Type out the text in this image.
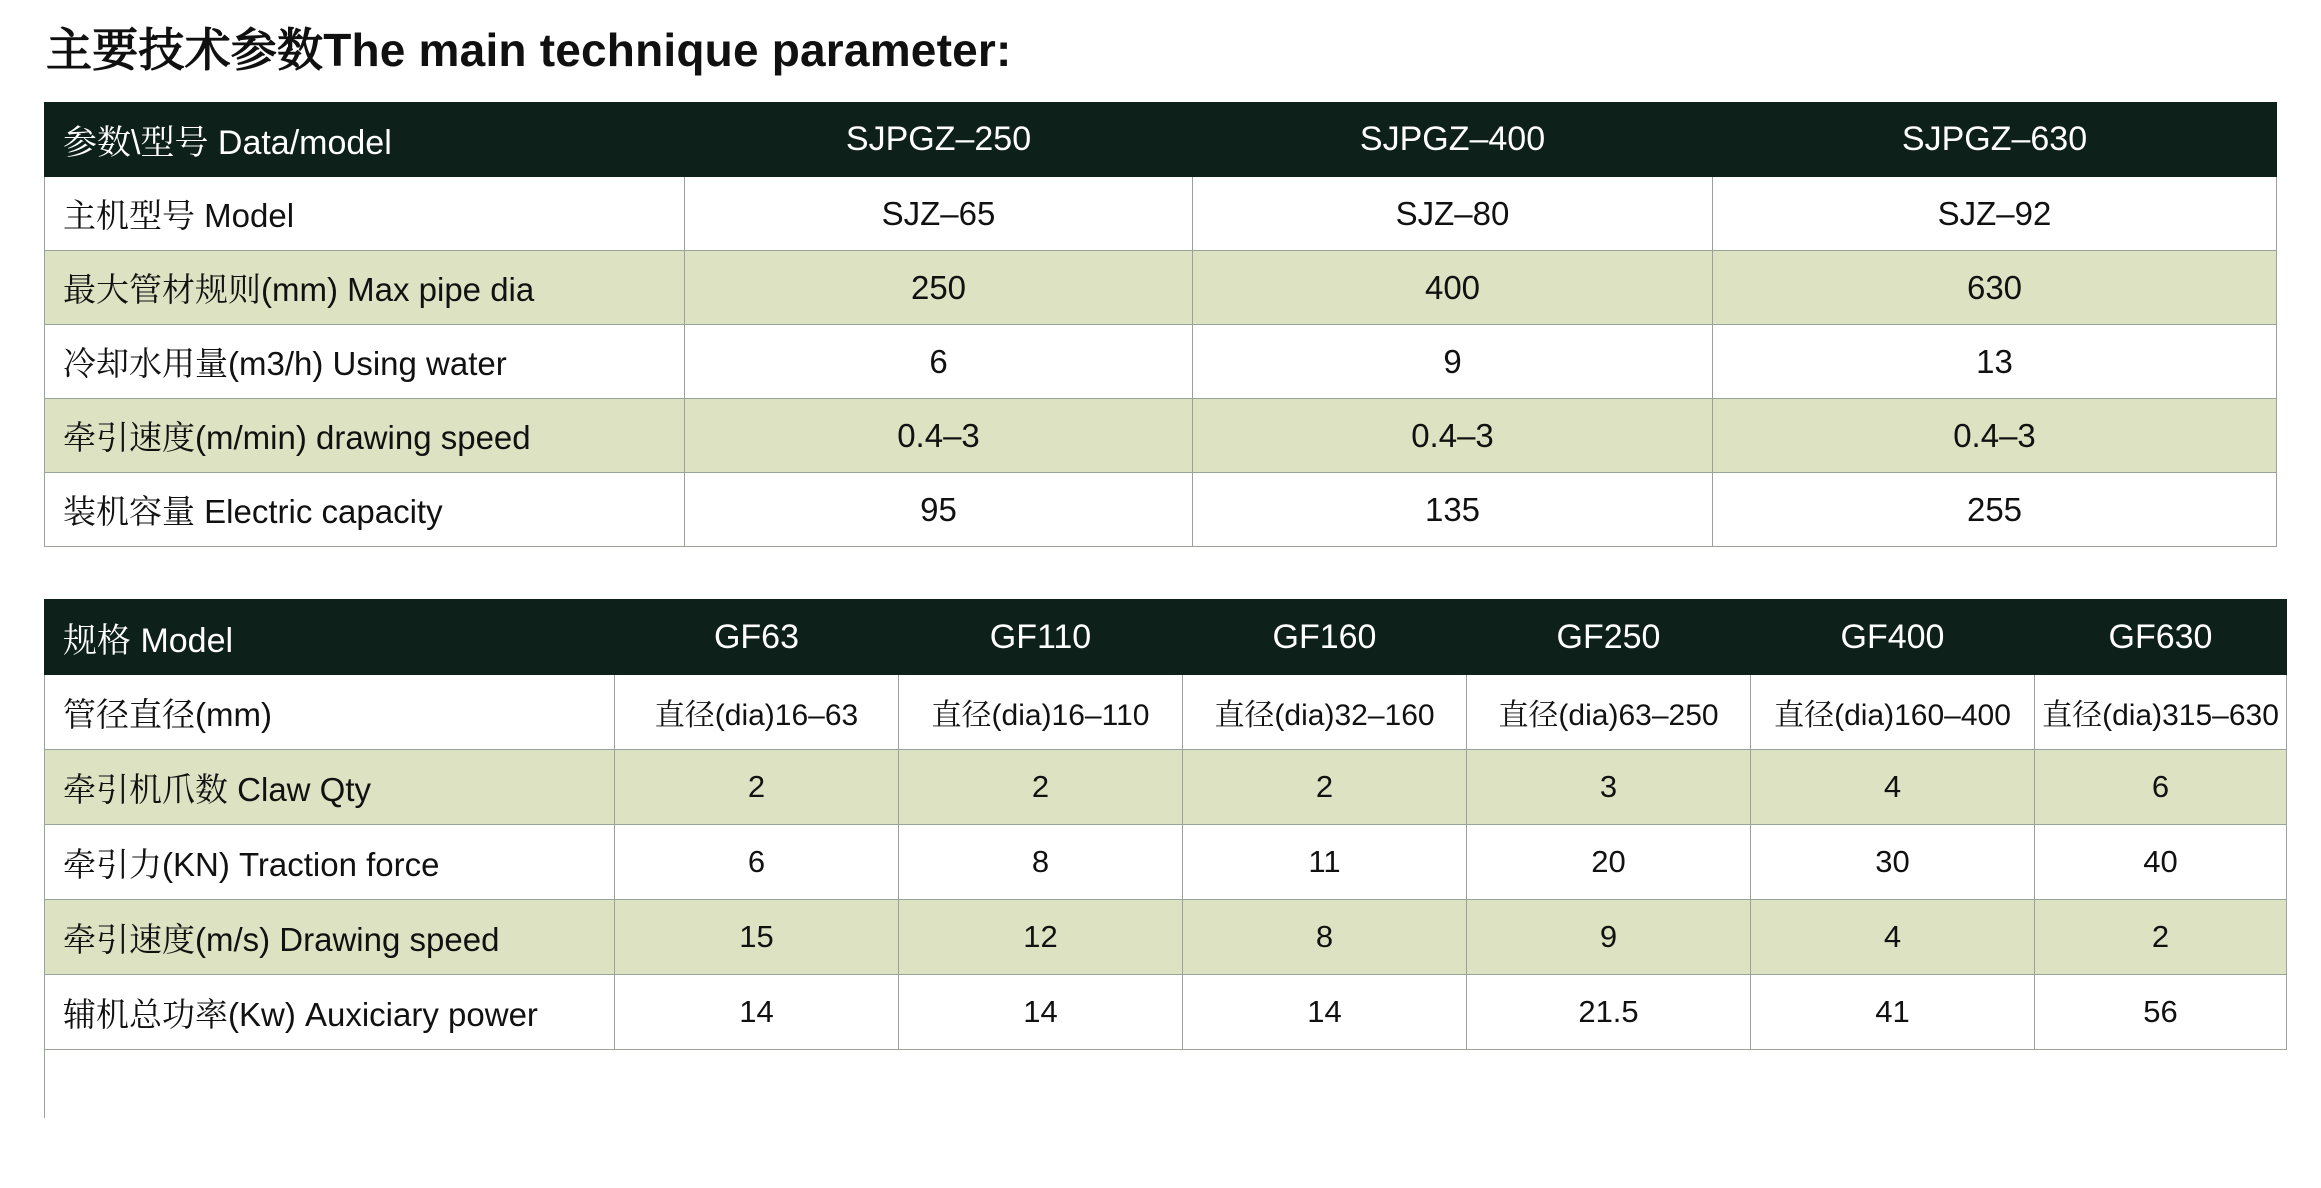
主要技术参数The main technique parameter:
参数\型号 Data/model	SJPGZ–250	SJPGZ–400	SJPGZ–630
主机型号 Model	SJZ–65	SJZ–80	SJZ–92
最大管材规则(mm) Max pipe dia	250	400	630
冷却水用量(m3/h) Using water	6	9	13
牵引速度(m/min) drawing speed	0.4–3	0.4–3	0.4–3
装机容量 Electric capacity	95	135	255
规格 Model	GF63	GF110	GF160	GF250	GF400	GF630
管径直径(mm)	直径(dia)16–63	直径(dia)16–110	直径(dia)32–160	直径(dia)63–250	直径(dia)160–400	直径(dia)315–630
牵引机爪数 Claw Qty	2	2	2	3	4	6
牵引力(KN) Traction force	6	8	11	20	30	40
牵引速度(m/s) Drawing speed	15	12	8	9	4	2
辅机总功率(Kw) Auxiciary power	14	14	14	21.5	41	56
